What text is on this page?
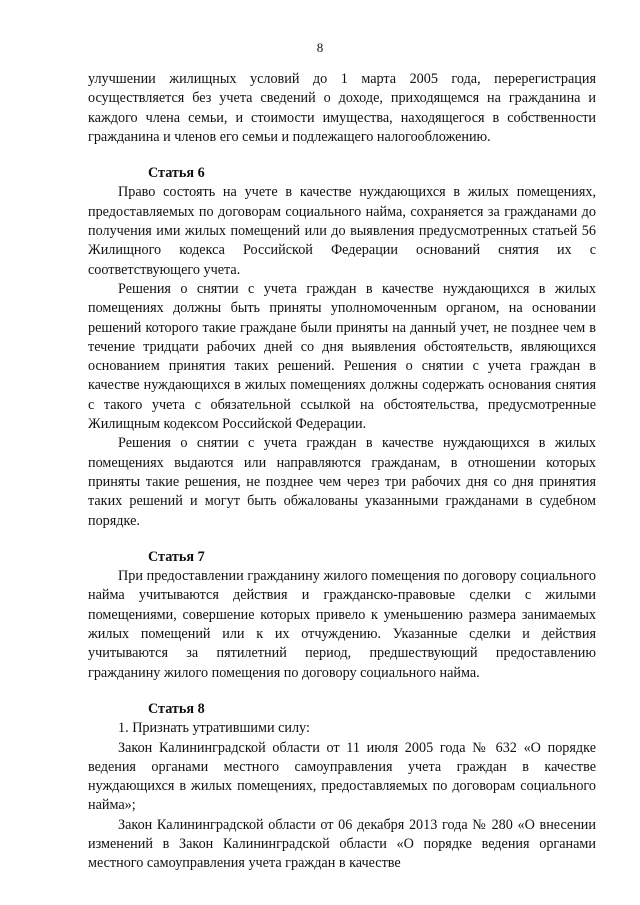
8

улучшении жилищных условий до 1 марта 2005 года, перерегистрация осуществляется без учета сведений о доходе, приходящемся на гражданина и каждого члена семьи, и стоимости имущества, находящегося в собственности гражданина и членов его семьи и подлежащего налогообложению.

Статья 6

Право состоять на учете в качестве нуждающихся в жилых помещениях, предоставляемых по договорам социального найма, сохраняется за гражданами до получения ими жилых помещений или до выявления предусмотренных статьей 56 Жилищного кодекса Российской Федерации оснований снятия их с соответствующего учета.

Решения о снятии с учета граждан в качестве нуждающихся в жилых помещениях должны быть приняты уполномоченным органом, на основании решений которого такие граждане были приняты на данный учет, не позднее чем в течение тридцати рабочих дней со дня выявления обстоятельств, являющихся основанием принятия таких решений. Решения о снятии с учета граждан в качестве нуждающихся в жилых помещениях должны содержать основания снятия с такого учета с обязательной ссылкой на обстоятельства, предусмотренные Жилищным кодексом Российской Федерации.

Решения о снятии с учета граждан в качестве нуждающихся в жилых помещениях выдаются или направляются гражданам, в отношении которых приняты такие решения, не позднее чем через три рабочих дня со дня принятия таких решений и могут быть обжалованы указанными гражданами в судебном порядке.

Статья 7

При предоставлении гражданину жилого помещения по договору социального найма учитываются действия и гражданско-правовые сделки с жилыми помещениями, совершение которых привело к уменьшению размера занимаемых жилых помещений или к их отчуждению. Указанные сделки и действия учитываются за пятилетний период, предшествующий предоставлению гражданину жилого помещения по договору социального найма.

Статья 8

1. Признать утратившими силу:

Закон Калининградской области от 11 июля 2005 года № 632 «О порядке ведения органами местного самоуправления учета граждан в качестве нуждающихся в жилых помещениях, предоставляемых по договорам социального найма»;

Закон Калининградской области от 06 декабря 2013 года № 280 «О внесении изменений в Закон Калининградской области «О порядке ведения органами местного самоуправления учета граждан в качестве
